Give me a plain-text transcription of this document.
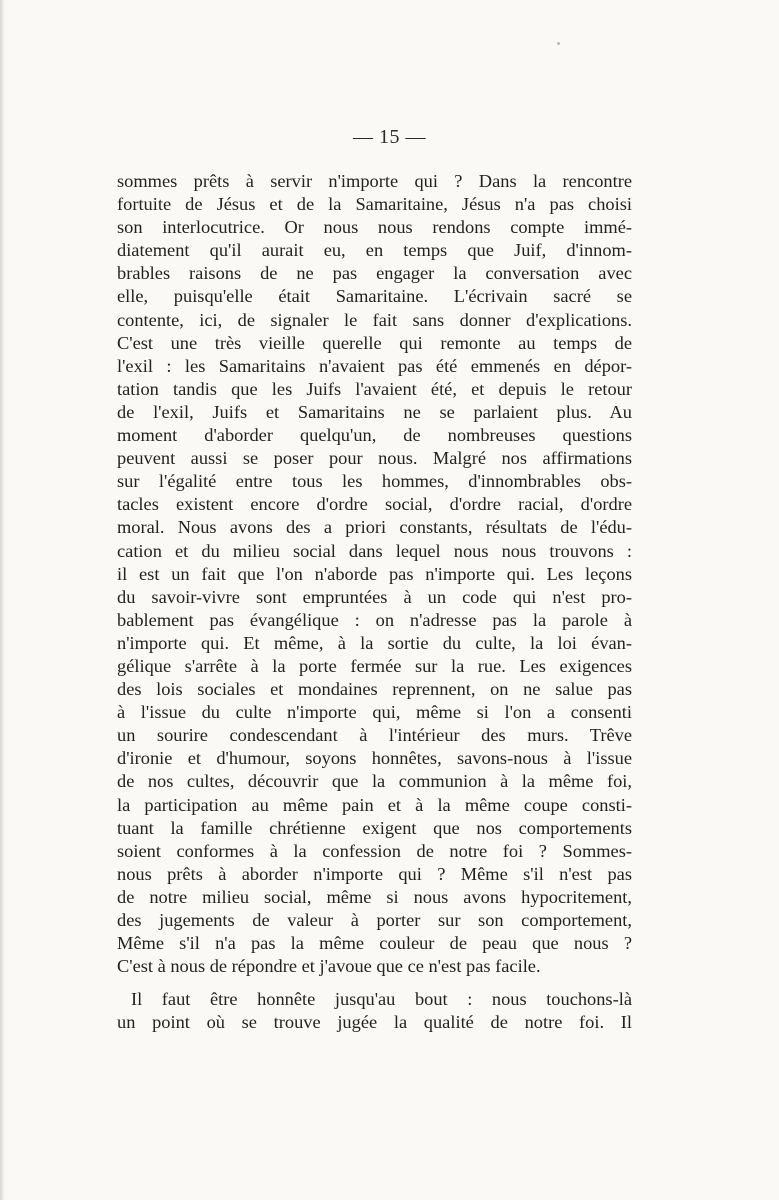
— 15 —
sommes prêts à servir n'importe qui ? Dans la rencontre
fortuite de Jésus et de la Samaritaine, Jésus n'a pas choisi
son interlocutrice. Or nous nous rendons compte immé-
diatement qu'il aurait eu, en temps que Juif, d'innom-
brables raisons de ne pas engager la conversation avec
elle, puisqu'elle était Samaritaine. L'écrivain sacré se
contente, ici, de signaler le fait sans donner d'explications.
C'est une très vieille querelle qui remonte au temps de
l'exil : les Samaritains n'avaient pas été emmenés en dépor-
tation tandis que les Juifs l'avaient été, et depuis le retour
de l'exil, Juifs et Samaritains ne se parlaient plus. Au
moment d'aborder quelqu'un, de nombreuses questions
peuvent aussi se poser pour nous. Malgré nos affirmations
sur l'égalité entre tous les hommes, d'innombrables obs-
tacles existent encore d'ordre social, d'ordre racial, d'ordre
moral. Nous avons des a priori constants, résultats de l'édu-
cation et du milieu social dans lequel nous nous trouvons :
il est un fait que l'on n'aborde pas n'importe qui. Les leçons
du savoir-vivre sont empruntées à un code qui n'est pro-
bablement pas évangélique : on n'adresse pas la parole à
n'importe qui. Et même, à la sortie du culte, la loi évan-
gélique s'arrête à la porte fermée sur la rue. Les exigences
des lois sociales et mondaines reprennent, on ne salue pas
à l'issue du culte n'importe qui, même si l'on a consenti
un sourire condescendant à l'intérieur des murs. Trêve
d'ironie et d'humour, soyons honnêtes, savons-nous à l'issue
de nos cultes, découvrir que la communion à la même foi,
la participation au même pain et à la même coupe consti-
tuant la famille chrétienne exigent que nos comportements
soient conformes à la confession de notre foi ? Sommes-
nous prêts à aborder n'importe qui ? Même s'il n'est pas
de notre milieu social, même si nous avons hypocritement,
des jugements de valeur à porter sur son comportement,
Même s'il n'a pas la même couleur de peau que nous ?
C'est à nous de répondre et j'avoue que ce n'est pas facile.
Il faut être honnête jusqu'au bout : nous touchons-là
un point où se trouve jugée la qualité de notre foi. Il
